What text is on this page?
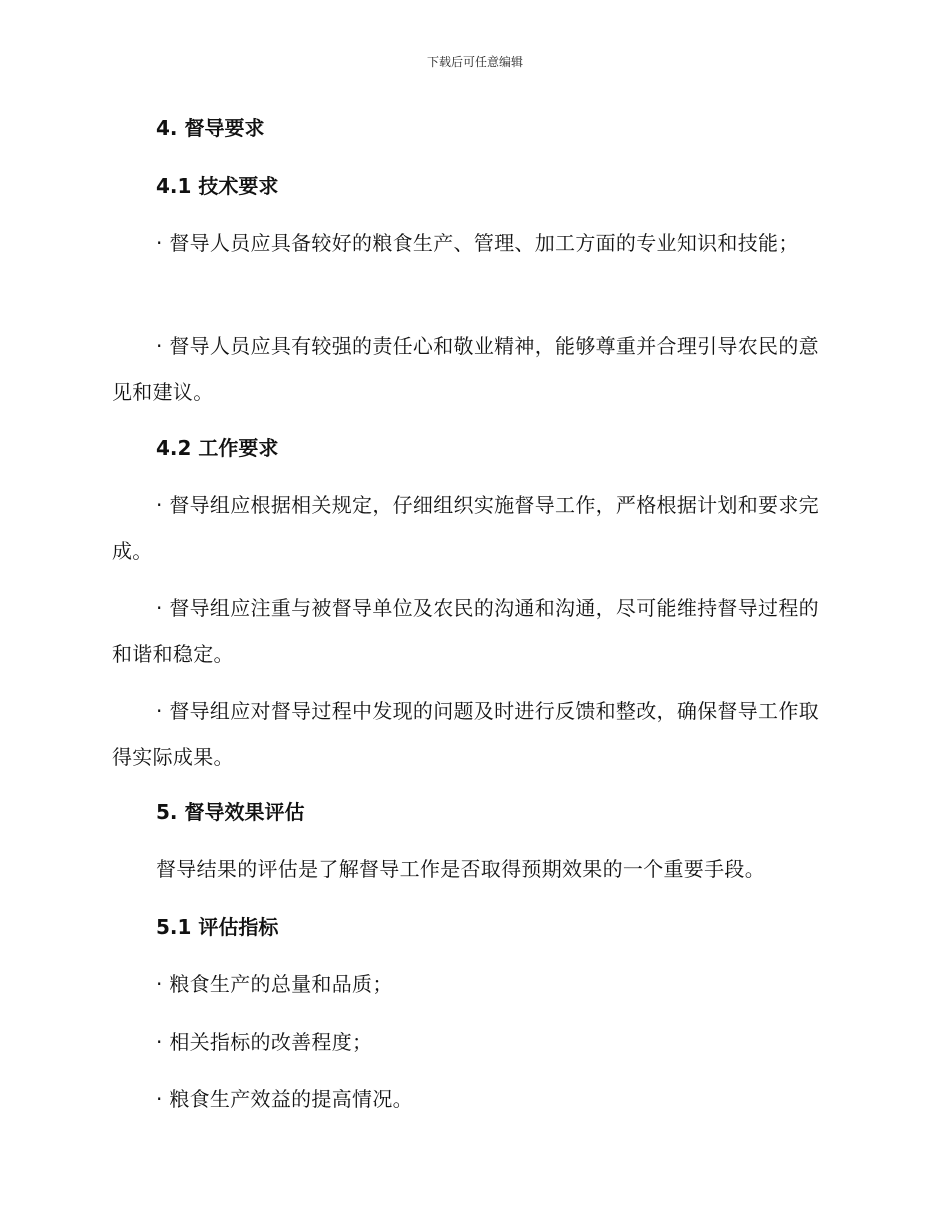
下载后可任意编辑
4. 督导要求
4.1 技术要求
· 督导人员应具备较好的粮食生产、管理、加工方面的专业知识和技能；
· 督导人员应具有较强的责任心和敬业精神，能够尊重并合理引导农民的意见和建议。
4.2 工作要求
· 督导组应根据相关规定，仔细组织实施督导工作，严格根据计划和要求完成。
· 督导组应注重与被督导单位及农民的沟通和沟通，尽可能维持督导过程的和谐和稳定。
· 督导组应对督导过程中发现的问题及时进行反馈和整改，确保督导工作取得实际成果。
5. 督导效果评估
督导结果的评估是了解督导工作是否取得预期效果的一个重要手段。
5.1 评估指标
· 粮食生产的总量和品质；
· 相关指标的改善程度；
· 粮食生产效益的提高情况。
